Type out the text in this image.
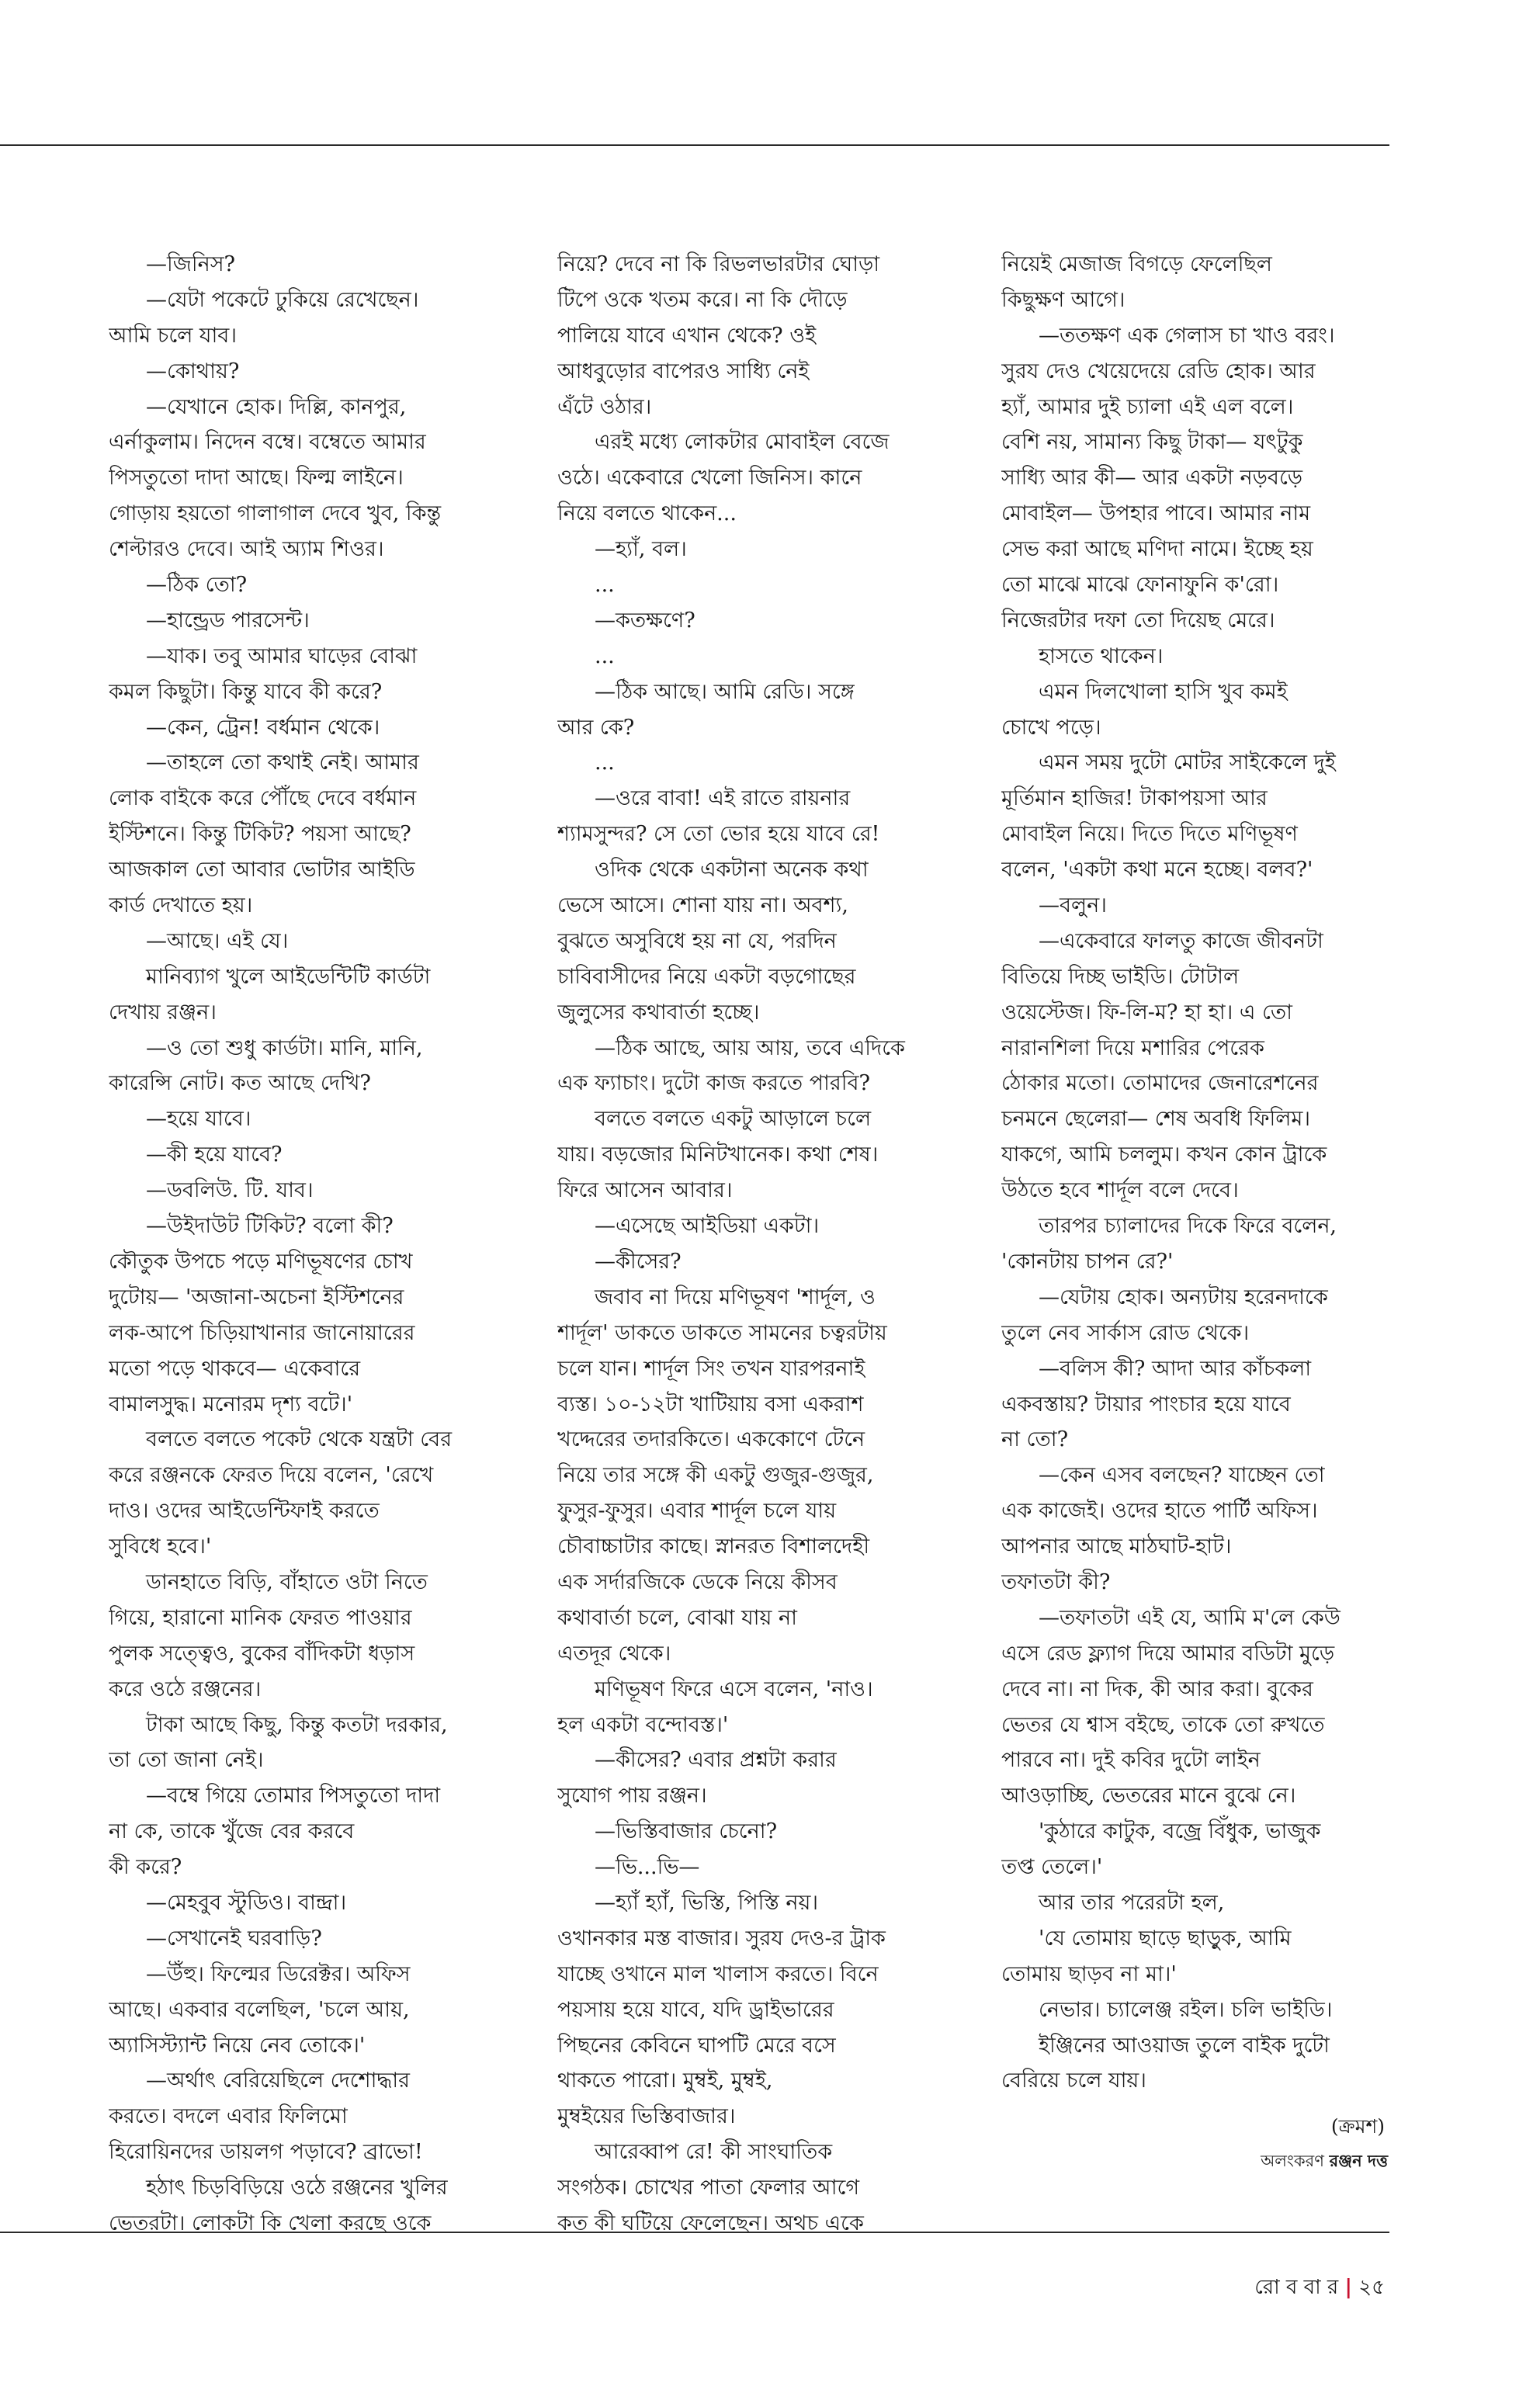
—জিনিস?
—যেটা পকেটে ঢুকিয়ে রেখেছেন।
আমি চলে যাব।
—কোথায়?
—যেখানে হোক। দিল্লি, কানপুর,
এর্নাকুলাম। নিদেন বম্বে। বম্বেতে আমার
পিসতুতো দাদা আছে। ফিল্ম লাইনে।
গোড়ায় হয়তো গালাগাল দেবে খুব, কিন্তু
শেল্টারও দেবে। আই অ্যাম শিওর।
—ঠিক তো?
—হান্ড্রেড পারসেন্ট।
—যাক। তবু আমার ঘাড়ের বোঝা
কমল কিছুটা। কিন্তু যাবে কী করে?
—কেন, ট্রেন! বর্ধমান থেকে।
—তাহলে তো কথাই নেই। আমার
লোক বাইকে করে পৌঁছে দেবে বর্ধমান
ইস্টিশনে। কিন্তু টিকিট? পয়সা আছে?
আজকাল তো আবার ভোটার আইডি
কার্ড দেখাতে হয়।
—আছে। এই যে।
মানিব্যাগ খুলে আইডেন্টিটি কার্ডটা
দেখায় রঞ্জন।
—ও তো শুধু কার্ডটা। মানি, মানি,
কারেন্সি নোট। কত আছে দেখি?
—হয়ে যাবে।
—কী হয়ে যাবে?
—ডবলিউ. টি. যাব।
—উইদাউট টিকিট? বলো কী?
কৌতুক উপচে পড়ে মণিভূষণের চোখ
দুটোয়— 'অজানা-অচেনা ইস্টিশনের
লক-আপে চিড়িয়াখানার জানোয়ারের
মতো পড়ে থাকবে— একেবারে
বামালসুদ্ধ। মনোরম দৃশ্য বটে।'
বলতে বলতে পকেট থেকে যন্ত্রটা বের
করে রঞ্জনকে ফেরত দিয়ে বলেন, 'রেখে
দাও। ওদের আইডেন্টিফাই করতে
সুবিধে হবে।'
ডানহাতে বিড়ি, বাঁহাতে ওটা নিতে
গিয়ে, হারানো মানিক ফেরত পাওয়ার
পুলক সত্ত্বেও, বুকের বাঁদিকটা ধড়াস
করে ওঠে রঞ্জনের।
টাকা আছে কিছু, কিন্তু কতটা দরকার,
তা তো জানা নেই।
—বম্বে গিয়ে তোমার পিসতুতো দাদা
না কে, তাকে খুঁজে বের করবে
কী করে?
—মেহবুব স্টুডিও। বান্দ্রা।
—সেখানেই ঘরবাড়ি?
—উঁহু। ফিল্মের ডিরেক্টর। অফিস
আছে। একবার বলেছিল, 'চলে আয়,
অ্যাসিস্ট্যান্ট নিয়ে নেব তোকে।'
—অর্থাৎ বেরিয়েছিলে দেশোদ্ধার
করতে। বদলে এবার ফিলিমো
হিরোয়িনদের ডায়লগ পড়াবে? ব্রাভো!
হঠাৎ চিড়বিড়িয়ে ওঠে রঞ্জনের খুলির
ভেতরটা। লোকটা কি খেলা করছে ওকে
নিয়ে? দেবে না কি রিভলভারটার ঘোড়া
টিপে ওকে খতম করে। না কি দৌড়ে
পালিয়ে যাবে এখান থেকে? ওই
আধবুড়োর বাপেরও সাধ্যি নেই
এঁটে ওঠার।
এরই মধ্যে লোকটার মোবাইল বেজে
ওঠে। একেবারে খেলো জিনিস। কানে
নিয়ে বলতে থাকেন...
—হ্যাঁ, বল।
...
—কতক্ষণে?
...
—ঠিক আছে। আমি রেডি। সঙ্গে
আর কে?
...
—ওরে বাবা! এই রাতে রায়নার
শ্যামসুন্দর? সে তো ভোর হয়ে যাবে রে!
ওদিক থেকে একটানা অনেক কথা
ভেসে আসে। শোনা যায় না। অবশ্য,
বুঝতে অসুবিধে হয় না যে, পরদিন
চাবিবাসীদের নিয়ে একটা বড়গোছের
জুলুসের কথাবার্তা হচ্ছে।
—ঠিক আছে, আয় আয়, তবে এদিকে
এক ফ্যাচাং। দুটো কাজ করতে পারবি?
বলতে বলতে একটু আড়ালে চলে
যায়। বড়জোর মিনিটখানেক। কথা শেষ।
ফিরে আসেন আবার।
—এসেছে আইডিয়া একটা।
—কীসের?
জবাব না দিয়ে মণিভূষণ 'শার্দূল, ও
শার্দূল' ডাকতে ডাকতে সামনের চত্বরটায়
চলে যান। শার্দূল সিং তখন যারপরনাই
ব্যস্ত। ১০-১২টা খাটিয়ায় বসা একরাশ
খদ্দেরের তদারকিতে। এককোণে টেনে
নিয়ে তার সঙ্গে কী একটু গুজুর-গুজুর,
ফুসুর-ফুসুর। এবার শার্দূল চলে যায়
চৌবাচ্চাটার কাছে। স্নানরত বিশালদেহী
এক সর্দারজিকে ডেকে নিয়ে কীসব
কথাবার্তা চলে, বোঝা যায় না
এতদূর থেকে।
মণিভূষণ ফিরে এসে বলেন, 'নাও।
হল একটা বন্দোবস্ত।'
—কীসের? এবার প্রশ্নটা করার
সুযোগ পায় রঞ্জন।
—ভিস্তিবাজার চেনো?
—ভি...ভি—
—হ্যাঁ হ্যাঁ, ভিস্তি, পিস্তি নয়।
ওখানকার মস্ত বাজার। সুরয দেও-র ট্রাক
যাচ্ছে ওখানে মাল খালাস করতে। বিনে
পয়সায় হয়ে যাবে, যদি ড্রাইভারের
পিছনের কেবিনে ঘাপটি মেরে বসে
থাকতে পারো। মুম্বই, মুম্বই,
মুম্বইয়ের ভিস্তিবাজার।
আরেব্বাপ রে! কী সাংঘাতিক
সংগঠক। চোখের পাতা ফেলার আগে
কত কী ঘটিয়ে ফেলেছেন। অথচ একে
নিয়েই মেজাজ বিগড়ে ফেলেছিল
কিছুক্ষণ আগে।
—ততক্ষণ এক গেলাস চা খাও বরং।
সুরয দেও খেয়েদেয়ে রেডি হোক। আর
হ্যাঁ, আমার দুই চ্যালা এই এল বলে।
বেশি নয়, সামান্য কিছু টাকা— যৎটুকু
সাধ্যি আর কী— আর একটা নড়বড়ে
মোবাইল— উপহার পাবে। আমার নাম
সেভ করা আছে মণিদা নামে। ইচ্ছে হয়
তো মাঝে মাঝে ফোনাফুনি ক'রো।
নিজেরটার দফা তো দিয়েছ মেরে।
হাসতে থাকেন।
এমন দিলখোলা হাসি খুব কমই
চোখে পড়ে।
এমন সময় দুটো মোটর সাইকেলে দুই
মূর্তিমান হাজির! টাকাপয়সা আর
মোবাইল নিয়ে। দিতে দিতে মণিভূষণ
বলেন, 'একটা কথা মনে হচ্ছে। বলব?'
—বলুন।
—একেবারে ফালতু কাজে জীবনটা
বিতিয়ে দিচ্ছ ভাইডি। টোটাল
ওয়েস্টেজ। ফি-লি-ম? হা হা। এ তো
নারানশিলা দিয়ে মশারির পেরেক
ঠোকার মতো। তোমাদের জেনারেশনের
চনমনে ছেলেরা— শেষ অবধি ফিলিম।
যাকগে, আমি চললুম। কখন কোন ট্রাকে
উঠতে হবে শার্দূল বলে দেবে।
তারপর চ্যালাদের দিকে ফিরে বলেন,
'কোনটায় চাপন রে?'
—যেটায় হোক। অন্যটায় হরেনদাকে
তুলে নেব সার্কাস রোড থেকে।
—বলিস কী? আদা আর কাঁচকলা
একবস্তায়? টায়ার পাংচার হয়ে যাবে
না তো?
—কেন এসব বলছেন? যাচ্ছেন তো
এক কাজেই। ওদের হাতে পার্টি অফিস।
আপনার আছে মাঠঘাট-হাট।
তফাতটা কী?
—তফাতটা এই যে, আমি ম'লে কেউ
এসে রেড ফ্ল্যাগ দিয়ে আমার বডিটা মুড়ে
দেবে না। না দিক, কী আর করা। বুকের
ভেতর যে শ্বাস বইছে, তাকে তো রুখতে
পারবে না। দুই কবির দুটো লাইন
আওড়াচ্ছি, ভেতরের মানে বুঝে নে।
'কুঠারে কাটুক, বজ্রে বিঁধুক, ভাজুক
তপ্ত তেলে।'
আর তার পরেরটা হল,
'যে তোমায় ছাড়ে ছাড়ুক, আমি
তোমায় ছাড়ব না মা।'
নেভার। চ্যালেঞ্জ রইল। চলি ভাইডি।
ইঞ্জিনের আওয়াজ তুলে বাইক দুটো
বেরিয়ে চলে যায়।
(ক্রমশ)
অলংকরণ রঞ্জন দত্ত
রো ব বা র | ২৫
